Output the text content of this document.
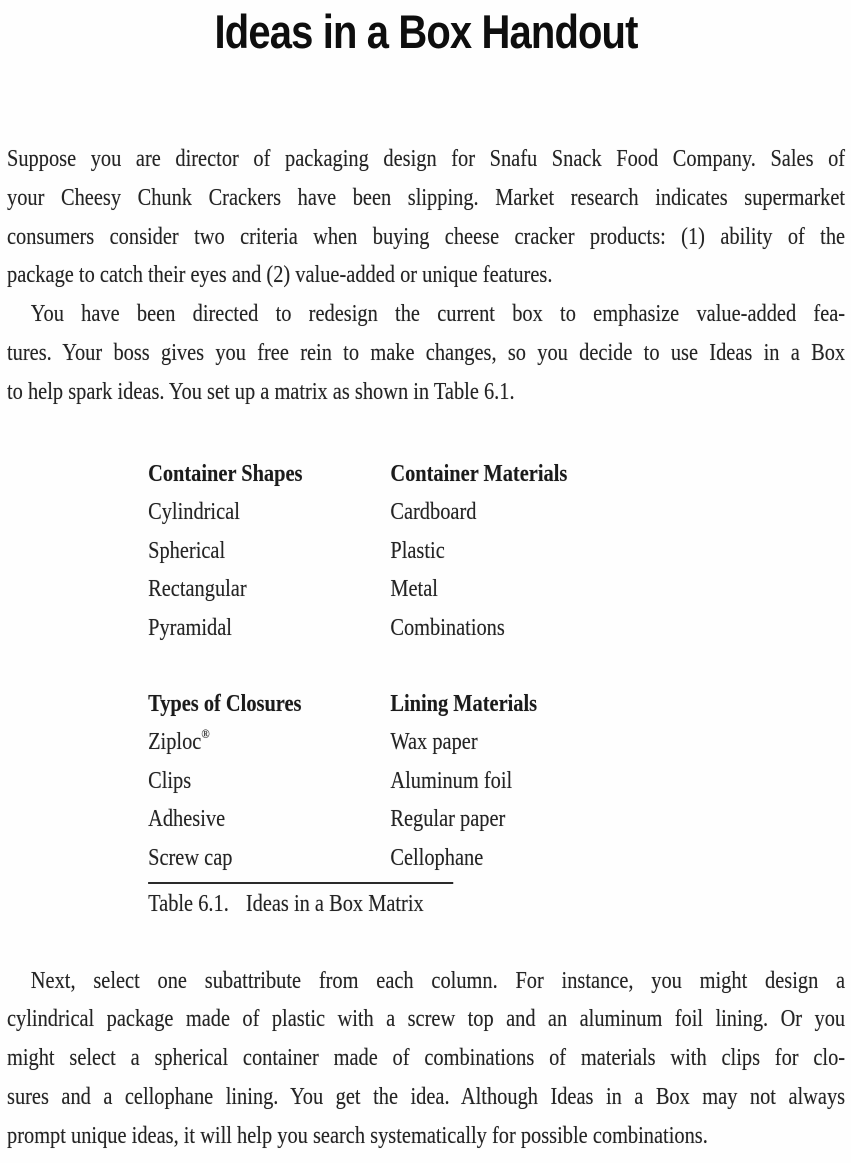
Ideas in a Box Handout
Suppose you are director of packaging design for Snafu Snack Food Company. Sales of
your Cheesy Chunk Crackers have been slipping. Market research indicates supermarket
consumers consider two criteria when buying cheese cracker products: (1) ability of the
package to catch their eyes and (2) value-added or unique features.
You have been directed to redesign the current box to emphasize value-added fea-
tures. Your boss gives you free rein to make changes, so you decide to use Ideas in a Box
to help spark ideas. You set up a matrix as shown in Table 6.1.
Container Shapes
Cylindrical
Spherical
Rectangular
Pyramidal
Container Materials
Cardboard
Plastic
Metal
Combinations
Types of Closures
Ziploc®
Clips
Adhesive
Screw cap
Lining Materials
Wax paper
Aluminum foil
Regular paper
Cellophane
Table 6.1. Ideas in a Box Matrix
Next, select one subattribute from each column. For instance, you might design a
cylindrical package made of plastic with a screw top and an aluminum foil lining. Or you
might select a spherical container made of combinations of materials with clips for clo-
sures and a cellophane lining. You get the idea. Although Ideas in a Box may not always
prompt unique ideas, it will help you search systematically for possible combinations.
